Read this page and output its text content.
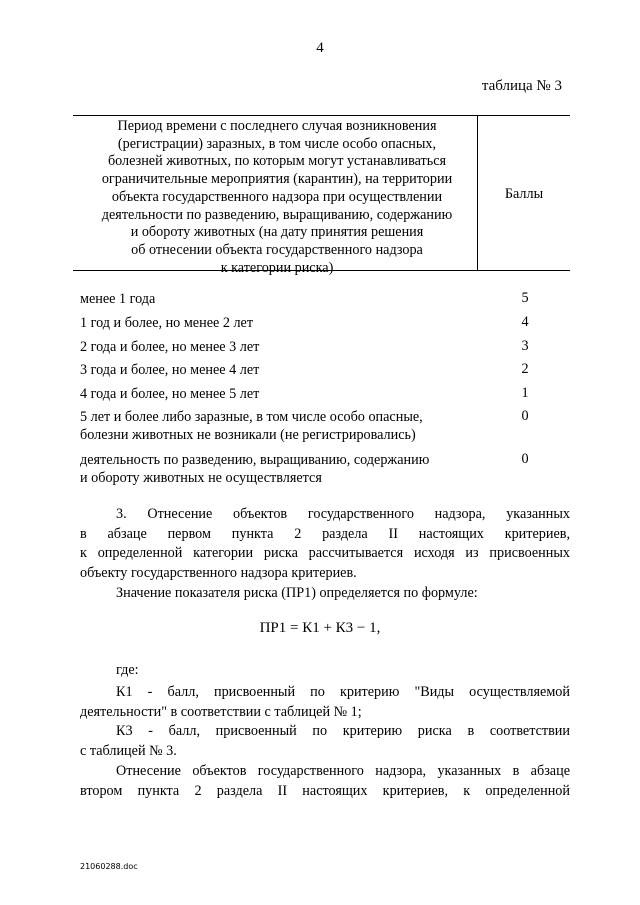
4
таблица № 3
Период времени с последнего случая возникновения
(регистрации) заразных, в том числе особо опасных,
болезней животных, по которым могут устанавливаться
ограничительные мероприятия (карантин), на территории
объекта государственного надзора при осуществлении
деятельности по разведению, выращиванию, содержанию
и обороту животных (на дату принятия решения
об отнесении объекта государственного надзора
к категории риска)
Баллы
менее 1 года	5
1 год и более, но менее 2 лет	4
2 года и более, но менее 3 лет	3
3 года и более, но менее 4 лет	2
4 года и более, но менее 5 лет	1
5 лет и более либо заразные, в том числе особо опасные,
болезни животных не возникали (не регистрировались)
0
деятельность по разведению, выращиванию, содержанию
и обороту животных не осуществляется
0
3. Отнесение объектов государственного надзора, указанных
в абзаце первом пункта 2 раздела II настоящих критериев,
к определенной категории риска рассчитывается исходя из присвоенных
объекту государственного надзора критериев.
Значение показателя риска (ПР1) определяется по формуле:
ПР1 = К1 + К3 − 1,
где:
К1 - балл, присвоенный по критерию "Виды осуществляемой
деятельности" в соответствии с таблицей № 1;
К3 - балл, присвоенный по критерию риска в соответствии
с таблицей № 3.
Отнесение объектов государственного надзора, указанных в абзаце
втором пункта 2 раздела II настоящих критериев, к определенной
21060288.doc
